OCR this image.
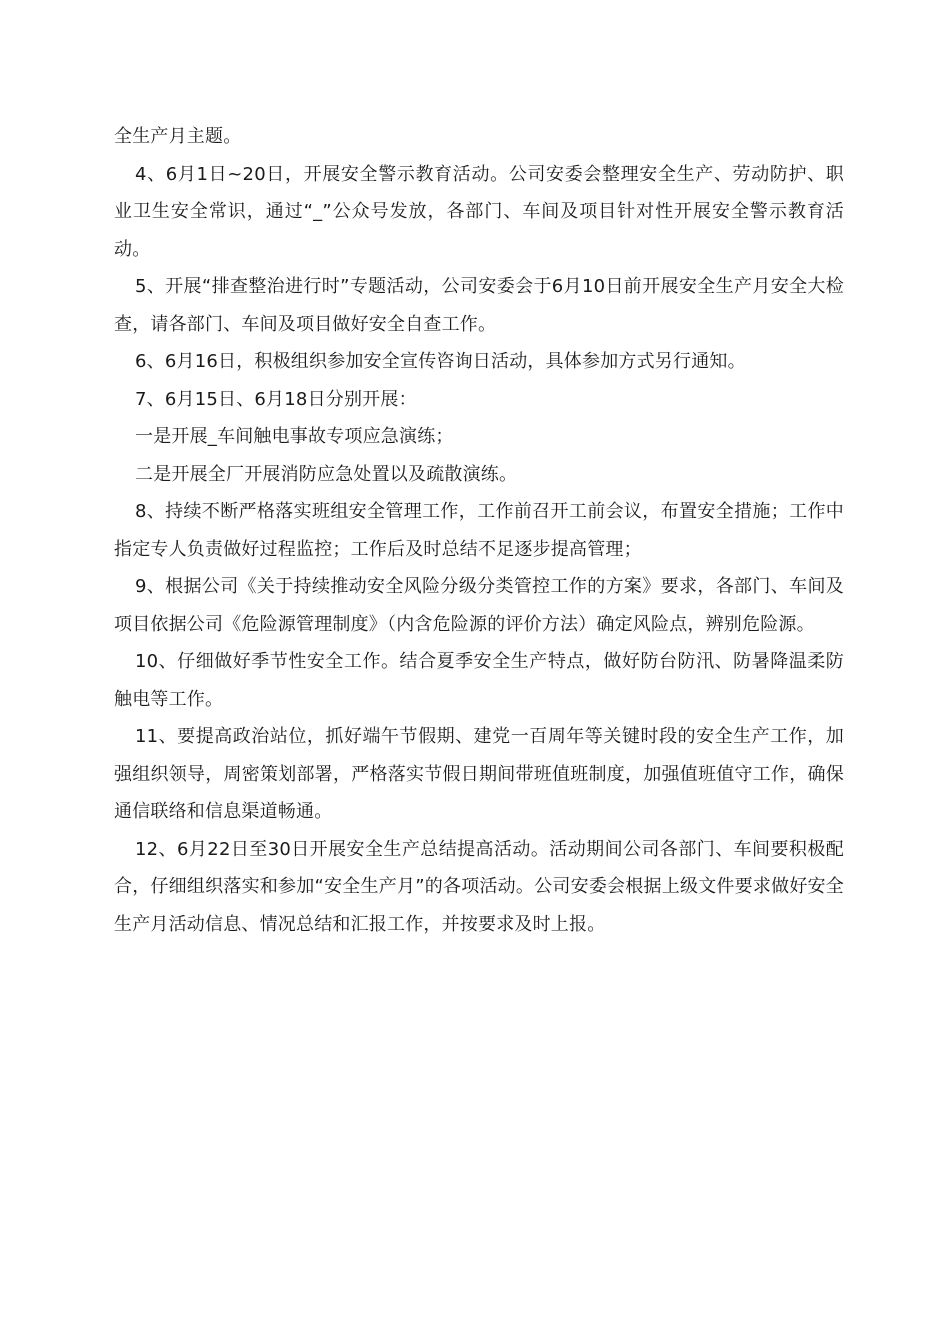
全生产月主题。

4、6月1日~20日，开展安全警示教育活动。公司安委会整理安全生产、劳动防护、职业卫生安全常识，通过“_”公众号发放，各部门、车间及项目针对性开展安全警示教育活动。

5、开展“排查整治进行时”专题活动，公司安委会于6月10日前开展安全生产月安全大检查，请各部门、车间及项目做好安全自查工作。

6、6月16日，积极组织参加安全宣传咨询日活动，具体参加方式另行通知。

7、6月15日、6月18日分别开展：

一是开展_车间触电事故专项应急演练；

二是开展全厂开展消防应急处置以及疏散演练。

8、持续不断严格落实班组安全管理工作，工作前召开工前会议，布置安全措施；工作中指定专人负责做好过程监控；工作后及时总结不足逐步提高管理；

9、根据公司《关于持续推动安全风险分级分类管控工作的方案》要求，各部门、车间及项目依据公司《危险源管理制度》（内含危险源的评价方法）确定风险点，辨别危险源。

10、仔细做好季节性安全工作。结合夏季安全生产特点，做好防台防汛、防暑降温柔防触电等工作。

11、要提高政治站位，抓好端午节假期、建党一百周年等关键时段的安全生产工作，加强组织领导，周密策划部署，严格落实节假日期间带班值班制度，加强值班值守工作，确保通信联络和信息渠道畅通。

12、6月22日至30日开展安全生产总结提高活动。活动期间公司各部门、车间要积极配合，仔细组织落实和参加“安全生产月”的各项活动。公司安委会根据上级文件要求做好安全生产月活动信息、情况总结和汇报工作，并按要求及时上报。
